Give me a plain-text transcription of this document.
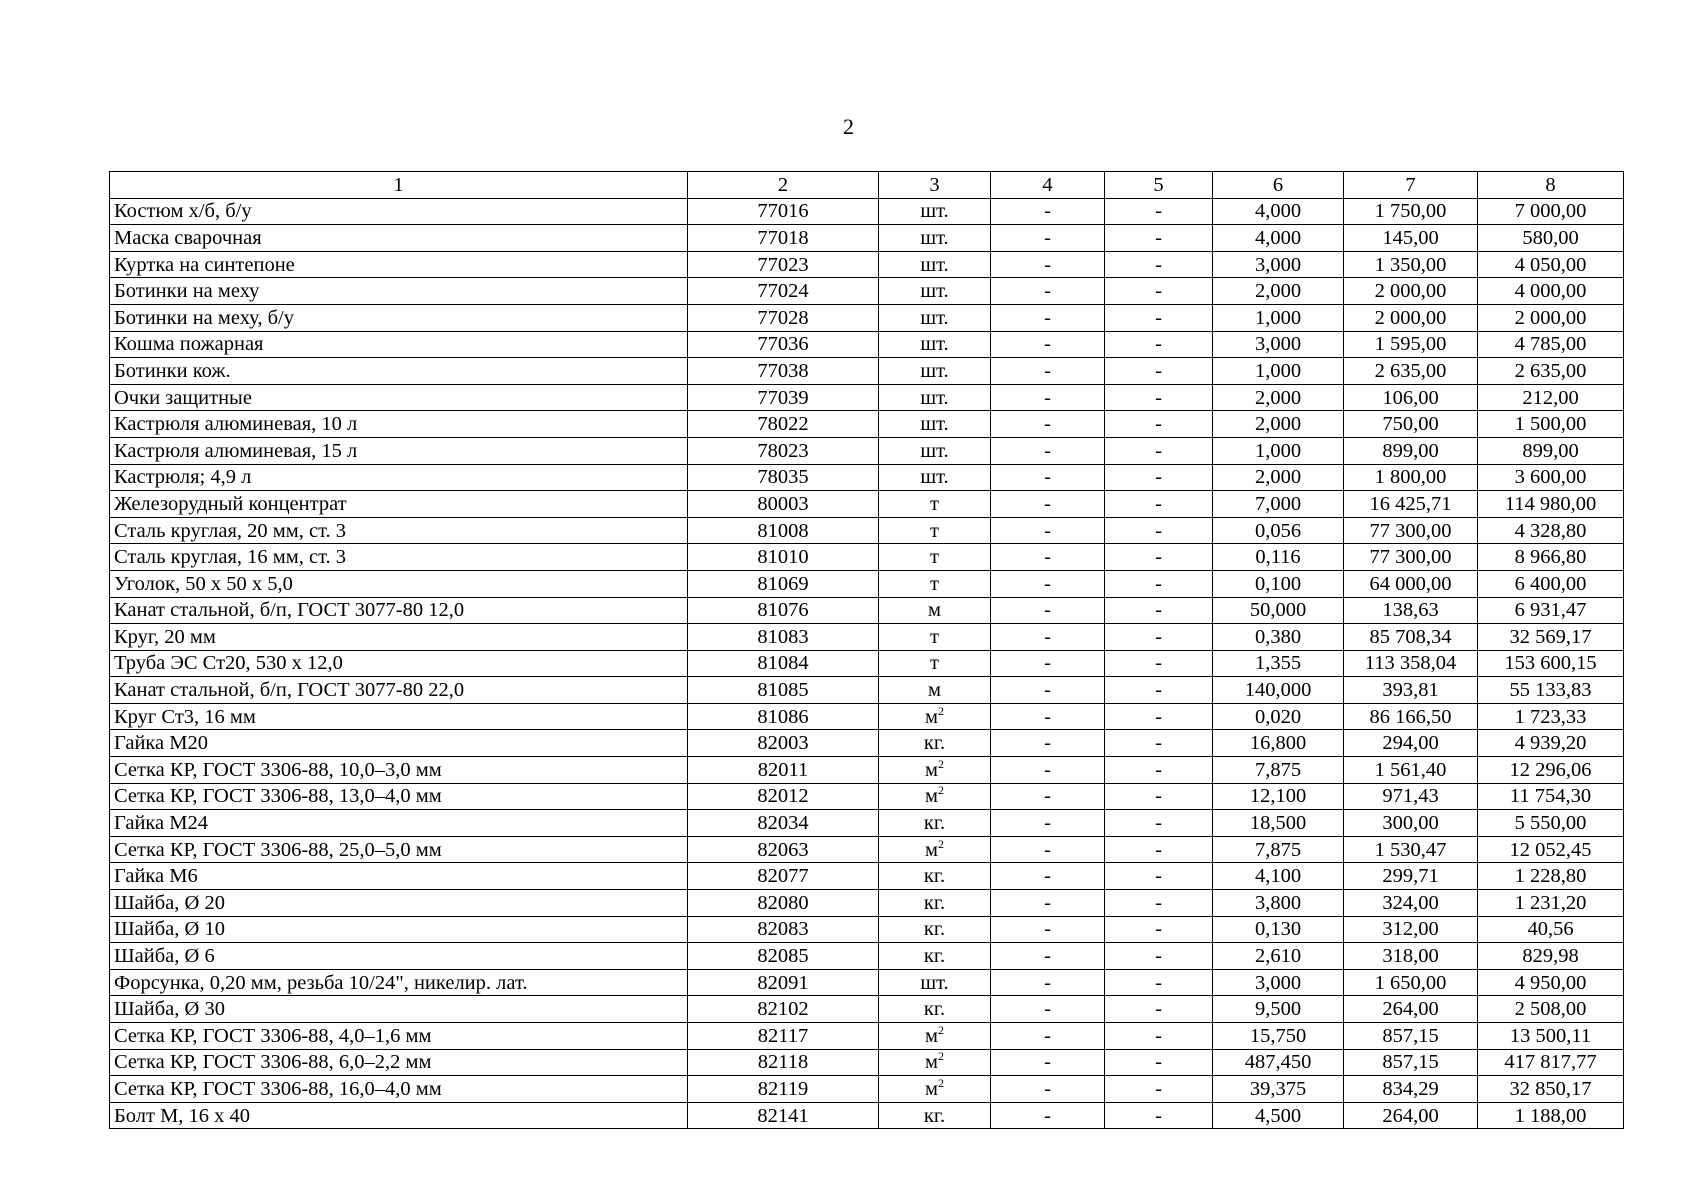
2
1	2	3	4	5	6	7	8
Костюм х/б, б/у	77016	шт.	-	-	4,000	1 750,00	7 000,00
Маска сварочная	77018	шт.	-	-	4,000	145,00	580,00
Куртка на синтепоне	77023	шт.	-	-	3,000	1 350,00	4 050,00
Ботинки на меху	77024	шт.	-	-	2,000	2 000,00	4 000,00
Ботинки на меху, б/у	77028	шт.	-	-	1,000	2 000,00	2 000,00
Кошма пожарная	77036	шт.	-	-	3,000	1 595,00	4 785,00
Ботинки кож.	77038	шт.	-	-	1,000	2 635,00	2 635,00
Очки защитные	77039	шт.	-	-	2,000	106,00	212,00
Кастрюля алюминевая, 10 л	78022	шт.	-	-	2,000	750,00	1 500,00
Кастрюля алюминевая, 15 л	78023	шт.	-	-	1,000	899,00	899,00
Кастрюля; 4,9 л	78035	шт.	-	-	2,000	1 800,00	3 600,00
Железорудный концентрат	80003	т	-	-	7,000	16 425,71	114 980,00
Сталь круглая, 20 мм, ст. 3	81008	т	-	-	0,056	77 300,00	4 328,80
Сталь круглая, 16 мм, ст. 3	81010	т	-	-	0,116	77 300,00	8 966,80
Уголок, 50 х 50 х 5,0	81069	т	-	-	0,100	64 000,00	6 400,00
Канат стальной, б/п, ГОСТ 3077-80 12,0	81076	м	-	-	50,000	138,63	6 931,47
Круг, 20 мм	81083	т	-	-	0,380	85 708,34	32 569,17
Труба ЭС Ст20, 530 х 12,0	81084	т	-	-	1,355	113 358,04	153 600,15
Канат стальной, б/п, ГОСТ 3077-80 22,0	81085	м	-	-	140,000	393,81	55 133,83
Круг Ст3, 16 мм	81086	$м^2$	-	-	0,020	86 166,50	1 723,33
Гайка М20	82003	кг.	-	-	16,800	294,00	4 939,20
Сетка КР, ГОСТ 3306-88, 10,0–3,0 мм	82011	$м^2$	-	-	7,875	1 561,40	12 296,06
Сетка КР, ГОСТ 3306-88, 13,0–4,0 мм	82012	$м^2$	-	-	12,100	971,43	11 754,30
Гайка М24	82034	кг.	-	-	18,500	300,00	5 550,00
Сетка КР, ГОСТ 3306-88, 25,0–5,0 мм	82063	$м^2$	-	-	7,875	1 530,47	12 052,45
Гайка М6	82077	кг.	-	-	4,100	299,71	1 228,80
Шайба, Ø 20	82080	кг.	-	-	3,800	324,00	1 231,20
Шайба, Ø 10	82083	кг.	-	-	0,130	312,00	40,56
Шайба, Ø 6	82085	кг.	-	-	2,610	318,00	829,98
Форсунка, 0,20 мм, резьба 10/24", никелир. лат.	82091	шт.	-	-	3,000	1 650,00	4 950,00
Шайба, Ø 30	82102	кг.	-	-	9,500	264,00	2 508,00
Сетка КР, ГОСТ 3306-88, 4,0–1,6 мм	82117	$м^2$	-	-	15,750	857,15	13 500,11
Сетка КР, ГОСТ 3306-88, 6,0–2,2 мм	82118	$м^2$	-	-	487,450	857,15	417 817,77
Сетка КР, ГОСТ 3306-88, 16,0–4,0 мм	82119	$м^2$	-	-	39,375	834,29	32 850,17
Болт М, 16 х 40	82141	кг.	-	-	4,500	264,00	1 188,00
